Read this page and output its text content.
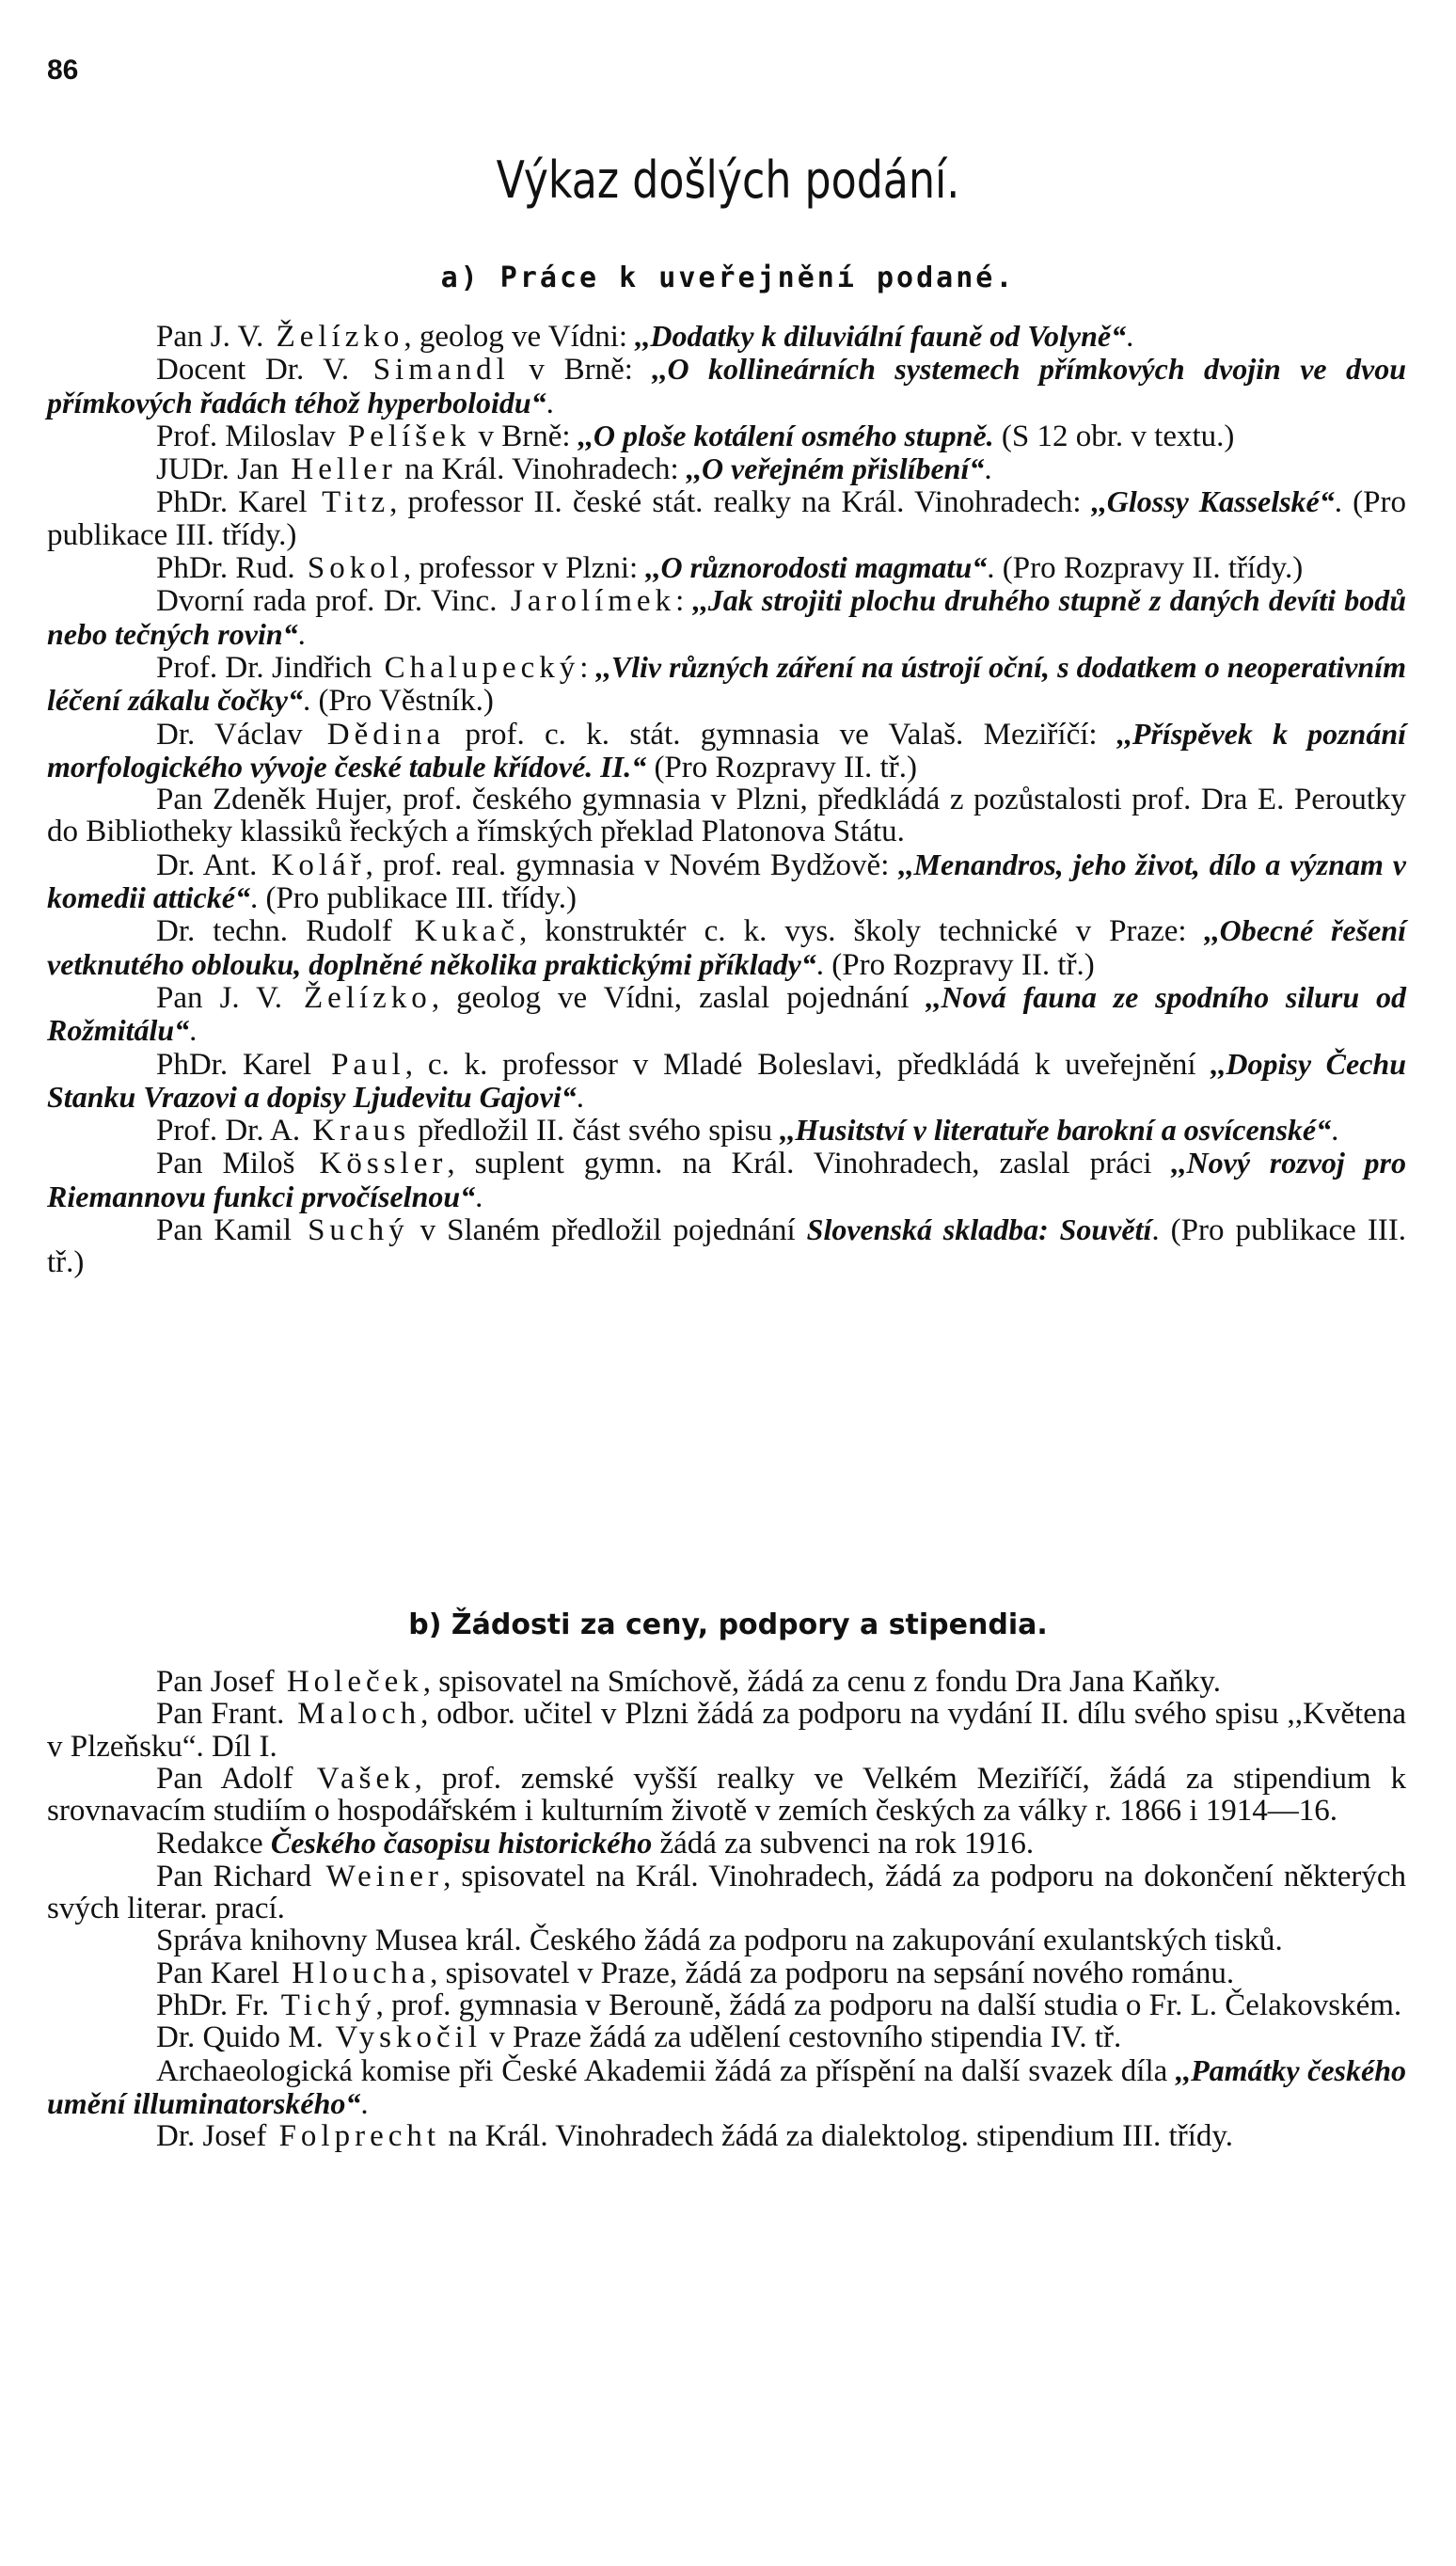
86
Výkaz došlých podání.
a) Práce k uveřejnění podané.

Pan J. V. Želízko, geolog ve Vídni: ,,Dodatky k diluviální fauně od Volyně“.

Docent Dr. V. Simandl v Brně: ,,O kollineárních systemech přímkových dvojin ve dvou přímkových řadách téhož hyperboloidu“.

Prof. Miloslav Pelíšek v Brně: ,,O ploše kotálení osmého stupně. (S 12 obr. v textu.)

JUDr. Jan Heller na Král. Vinohradech: ,,O veřejném přislíbení“.

PhDr. Karel Titz, professor II. české stát. realky na Král. Vinohradech: ,,Glossy Kasselské“. (Pro publikace III. třídy.)

PhDr. Rud. Sokol, professor v Plzni: ,,O různorodosti magmatu“. (Pro Rozpravy II. třídy.)

Dvorní rada prof. Dr. Vinc. Jarolímek: ,,Jak strojiti plochu druhého stupně z daných devíti bodů nebo tečných rovin“.

Prof. Dr. Jindřich Chalupecký: ,,Vliv různých záření na ústrojí oční, s dodatkem o neoperativním léčení zákalu čočky“. (Pro Věstník.)

Dr. Václav Dědina prof. c. k. stát. gymnasia ve Valaš. Meziříčí: ,,Příspěvek k poznání morfologického vývoje české tabule křídové. II.“ (Pro Rozpravy II. tř.)

Pan Zdeněk Hujer, prof. českého gymnasia v Plzni, předkládá z pozůstalosti prof. Dra E. Peroutky do Bibliotheky klassiků řeckých a římských překlad Platonova Státu.

Dr. Ant. Kolář, prof. real. gymnasia v Novém Bydžově: ,,Menandros, jeho život, dílo a význam v komedii attické“. (Pro publikace III. třídy.)

Dr. techn. Rudolf Kukač, konstruktér c. k. vys. školy technické v Praze: ,,Obecné řešení vetknutého oblouku, doplněné několika praktickými příklady“. (Pro Rozpravy II. tř.)

Pan J. V. Želízko, geolog ve Vídni, zaslal pojednání ,,Nová fauna ze spodního siluru od Rožmitálu“.

PhDr. Karel Paul, c. k. professor v Mladé Boleslavi, předkládá k uveřejnění ,,Dopisy Čechu Stanku Vrazovi a dopisy Ljudevitu Gajovi“.

Prof. Dr. A. Kraus předložil II. část svého spisu ,,Husitství v literatuře barokní a osvícenské“.

Pan Miloš Kössler, suplent gymn. na Král. Vinohradech, zaslal práci ,,Nový rozvoj pro Riemannovu funkci prvočíselnou“.

Pan Kamil Suchý v Slaném předložil pojednání Slovenská skladba: Souvětí. (Pro publikace III. tř.)

b) Žádosti za ceny, podpory a stipendia.

Pan Josef Holeček, spisovatel na Smíchově, žádá za cenu z fondu Dra Jana Kaňky.

Pan Frant. Maloch, odbor. učitel v Plzni žádá za podporu na vydání II. dílu svého spisu ,,Květena v Plzeňsku“. Díl I.

Pan Adolf Vašek, prof. zemské vyšší realky ve Velkém Meziříčí, žádá za stipendium k srovnavacím studiím o hospodářském i kulturním životě v zemích českých za války r. 1866 i 1914—16.

Redakce Českého časopisu historického žádá za subvenci na rok 1916.

Pan Richard Weiner, spisovatel na Král. Vinohradech, žádá za podporu na dokončení některých svých literar. prací.

Správa knihovny Musea král. Českého žádá za podporu na zakupování exulantských tisků.

Pan Karel Hloucha, spisovatel v Praze, žádá za podporu na sepsání nového románu.

PhDr. Fr. Tichý, prof. gymnasia v Berouně, žádá za podporu na další studia o Fr. L. Čelakovském.

Dr. Quido M. Vyskočil v Praze žádá za udělení cestovního stipendia IV. tř.

Archaeologická komise při České Akademii žádá za příspění na další svazek díla ,,Památky českého umění illuminatorského“.

Dr. Josef Folprecht na Král. Vinohradech žádá za dialektolog. stipendium III. třídy.
